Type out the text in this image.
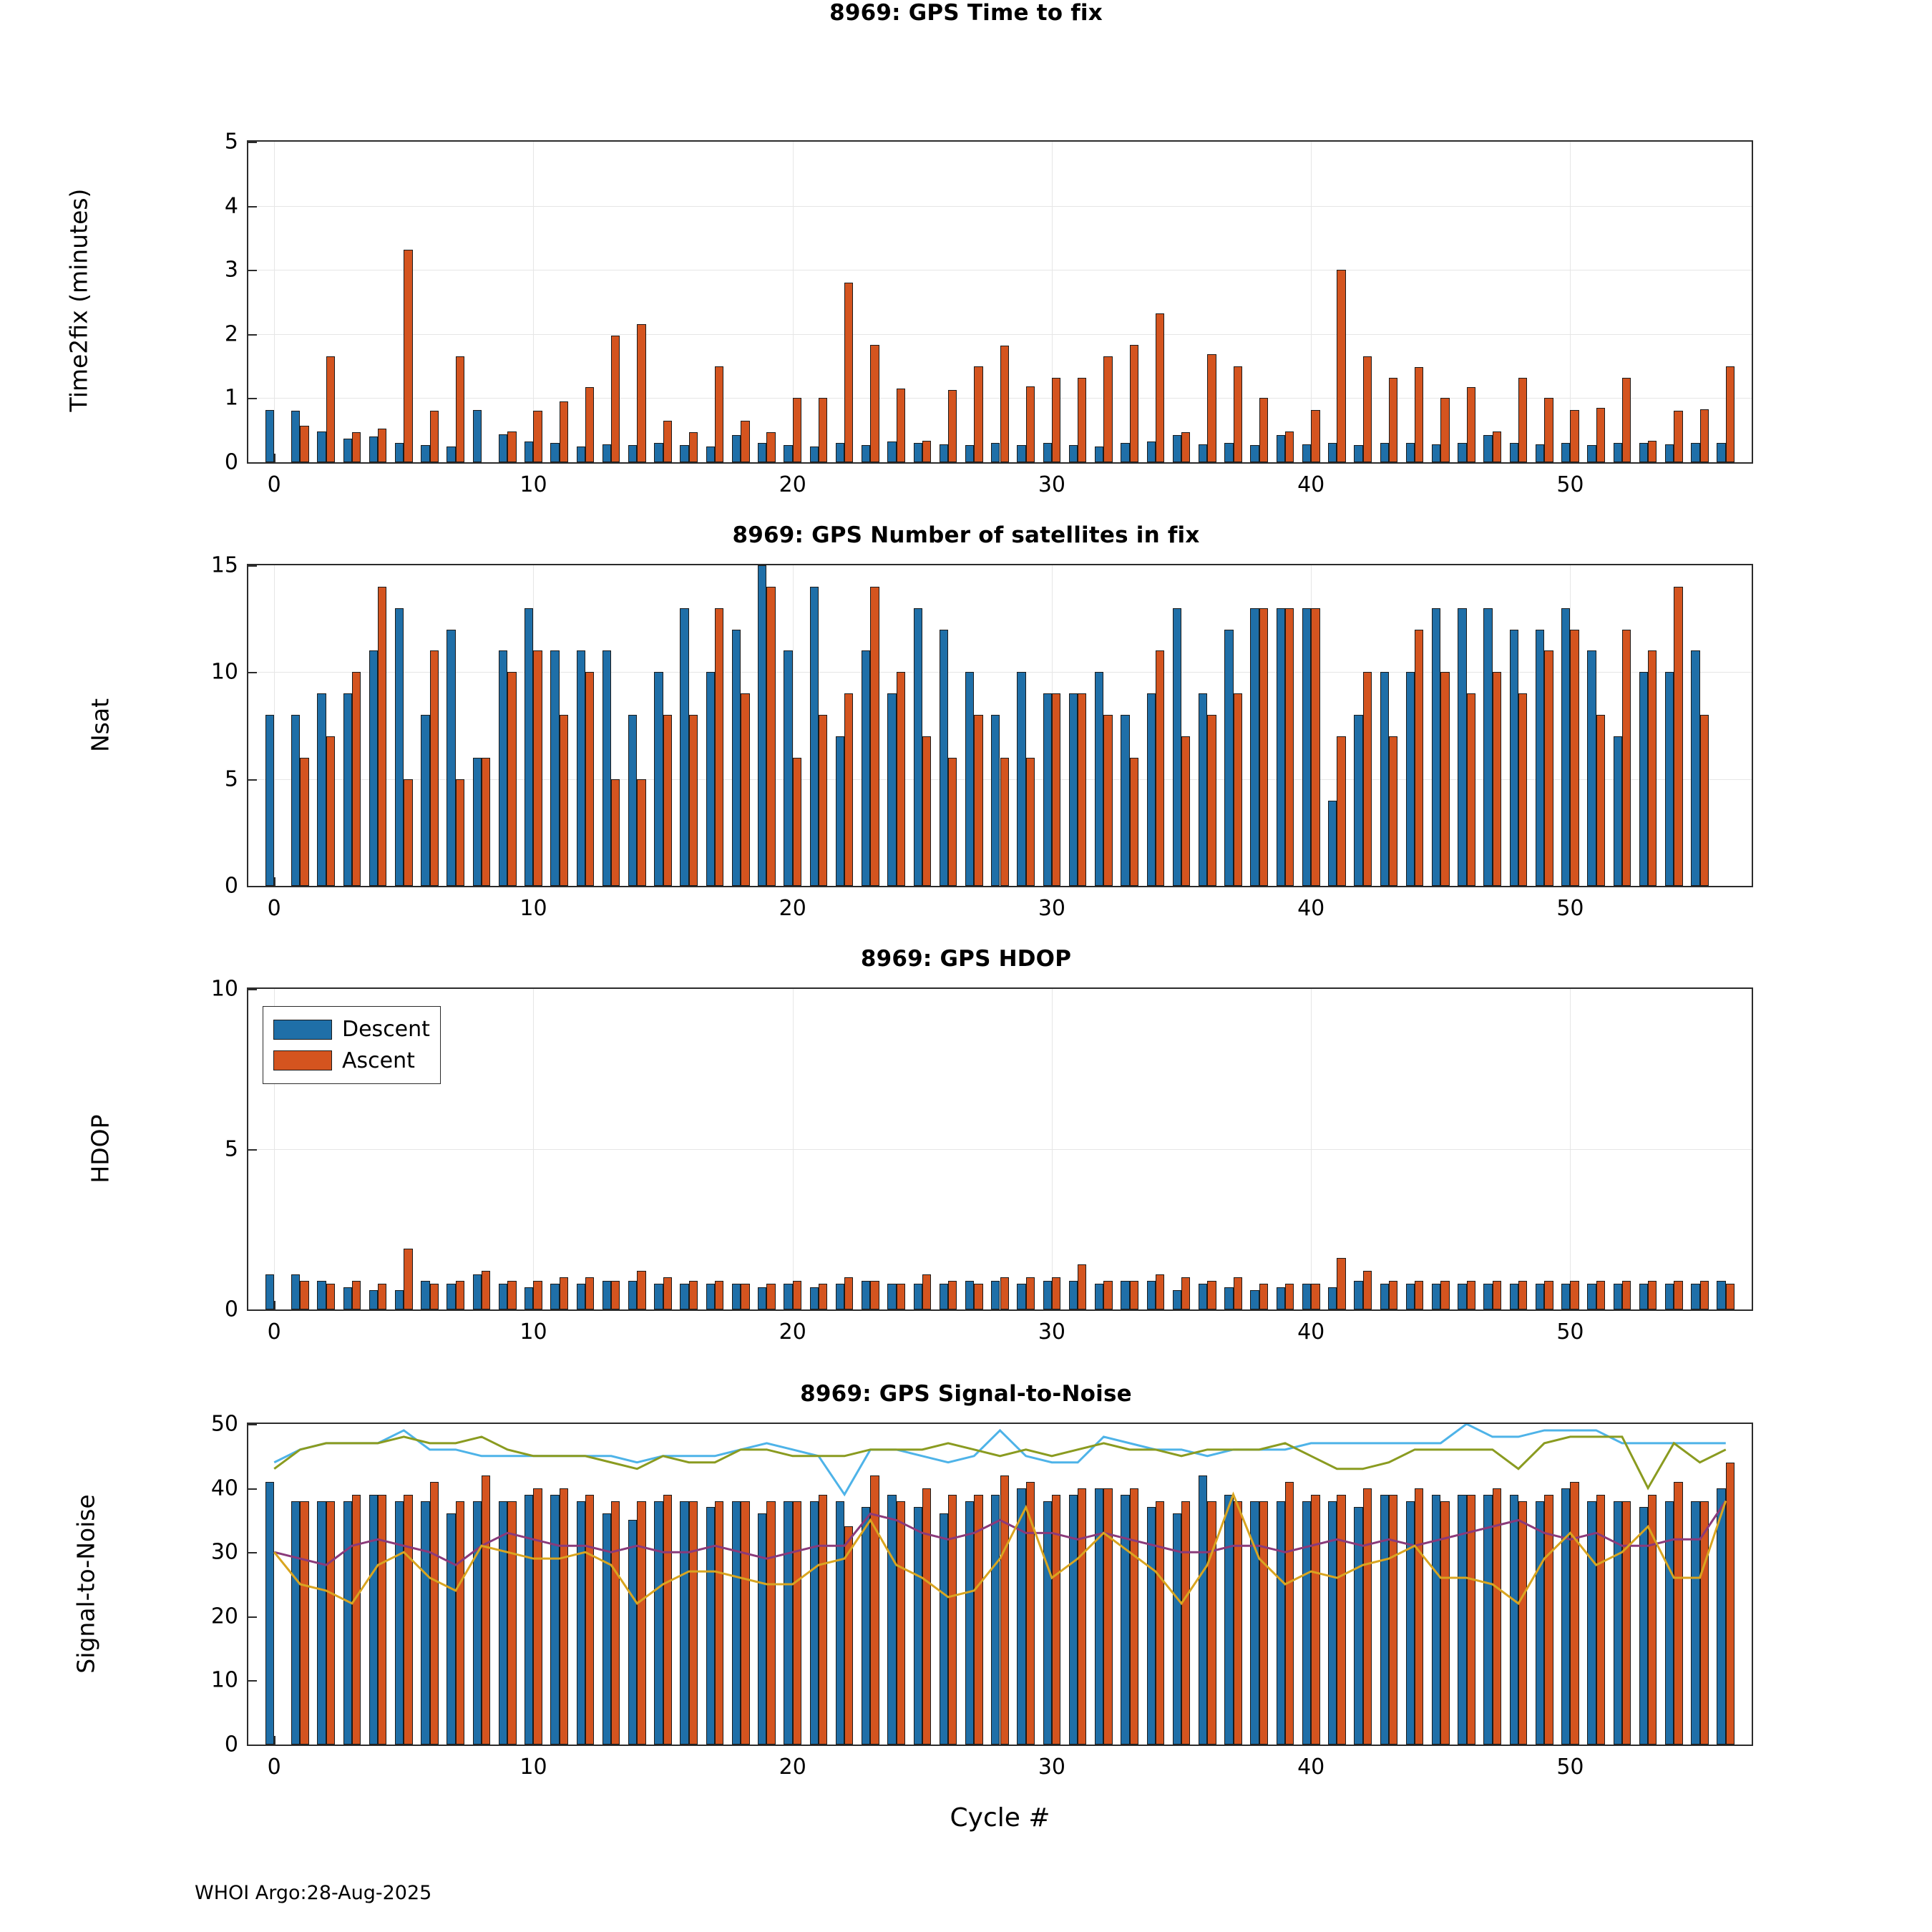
8969: GPS Time to fix
0
1
2
3
4
5
0	10	20	30	40	50
Time2fix (minutes)
8969: GPS Number of satellites in fix
0
5
10
15
0	10	20	30	40	50
Nsat
8969: GPS HDOP
0
5
10
0	10	20	30	40	50
HDOP
Descent
Ascent
8969: GPS Signal-to-Noise
0
10
20
30
40
50
0	10	20	30	40	50
Signal-to-Noise
Cycle #
WHOI Argo:28-Aug-2025
